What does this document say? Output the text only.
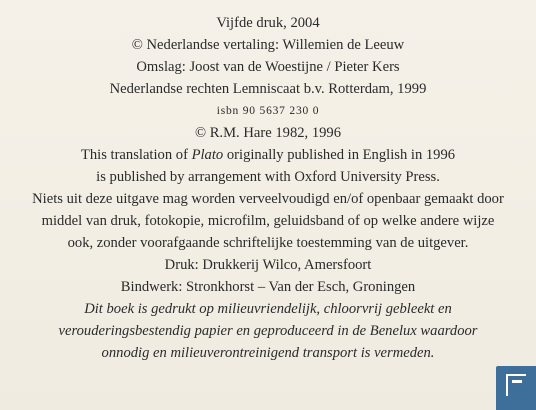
Vijfde druk, 2004
© Nederlandse vertaling: Willemien de Leeuw
Omslag: Joost van de Woestijne / Pieter Kers
Nederlandse rechten Lemniscaat b.v. Rotterdam, 1999
isbn 90 5637 230 0
© R.M. Hare 1982, 1996
This translation of Plato originally published in English in 1996
is published by arrangement with Oxford University Press.
Niets uit deze uitgave mag worden verveelvoudigd en/of openbaar gemaakt door
middel van druk, fotokopie, microfilm, geluidsband of op welke andere wijze
ook, zonder voorafgaande schriftelijke toestemming van de uitgever.
Druk: Drukkerij Wilco, Amersfoort
Bindwerk: Stronkhorst – Van der Esch, Groningen
Dit boek is gedrukt op milieuvriendelijk, chloorvrij gebleekt en
verouderingsbestendig papier en geproduceerd in de Benelux waardoor
onnodig en milieuverontreinigend transport is vermeden.
